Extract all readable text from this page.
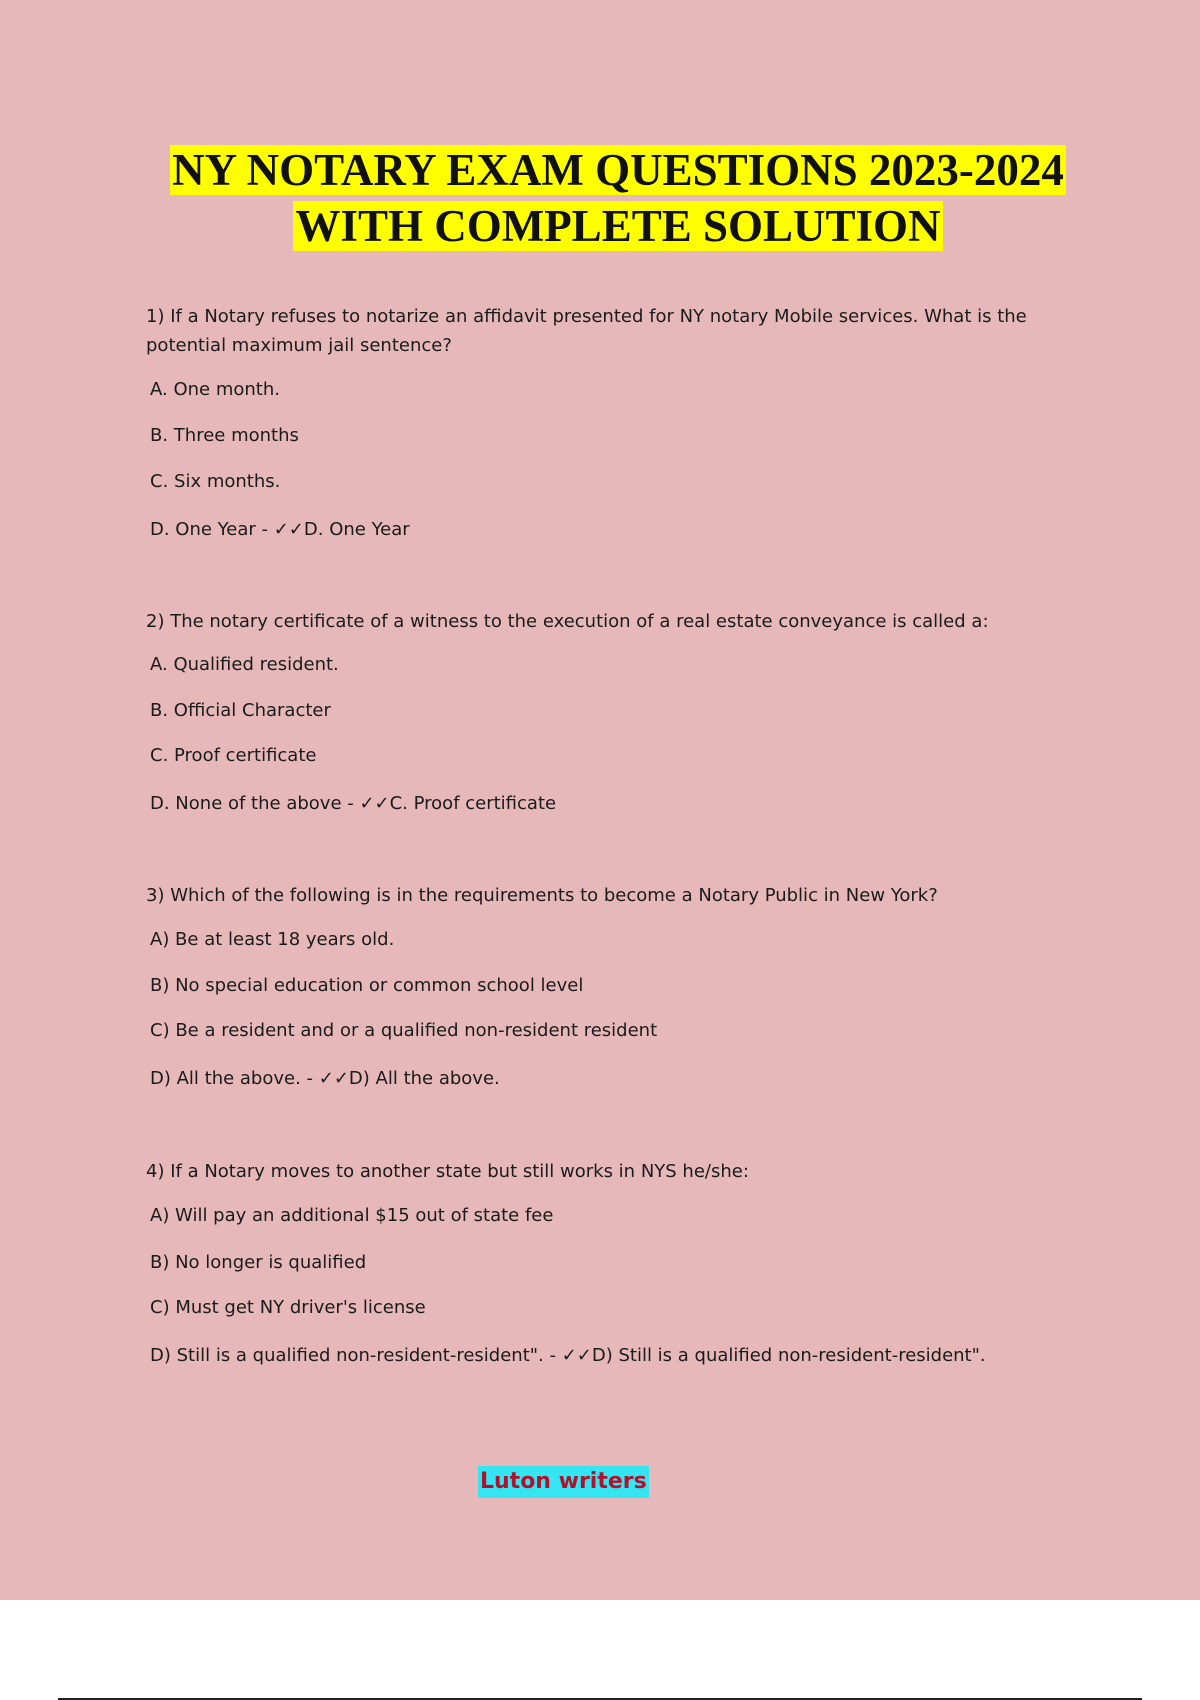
NY NOTARY EXAM QUESTIONS 2023-2024
WITH COMPLETE SOLUTION
1) If a Notary refuses to notarize an affidavit presented for NY notary Mobile services. What is the potential maximum jail sentence?
A. One month.
B. Three months
C. Six months.
D. One Year - ✓✓D. One Year
2) The notary certificate of a witness to the execution of a real estate conveyance is called a:
A. Qualified resident.
B. Official Character
C. Proof certificate
D. None of the above - ✓✓C. Proof certificate
3) Which of the following is in the requirements to become a Notary Public in New York?
A) Be at least 18 years old.
B) No special education or common school level
C) Be a resident and or a qualified non-resident resident
D) All the above. - ✓✓D) All the above.
4) If a Notary moves to another state but still works in NYS he/she:
A) Will pay an additional $15 out of state fee
B) No longer is qualified
C) Must get NY driver's license
D) Still is a qualified non-resident-resident". - ✓✓D) Still is a qualified non-resident-resident".
Luton writers
